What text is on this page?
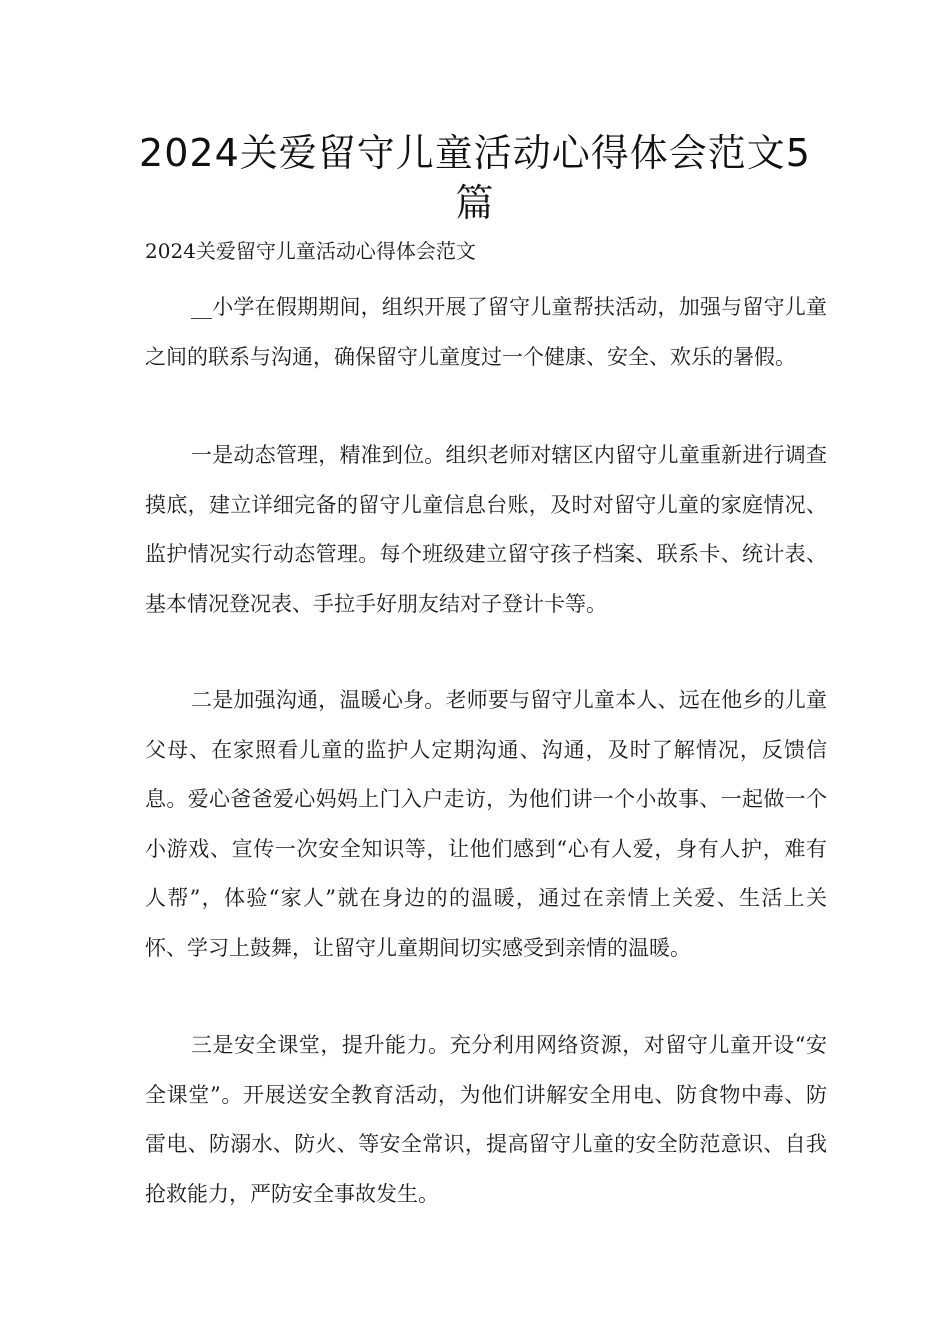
2024关爱留守儿童活动心得体会范文5篇
2024关爱留守儿童活动心得体会范文

__小学在假期期间，组织开展了留守儿童帮扶活动，加强与留守儿童之间的联系与沟通，确保留守儿童度过一个健康、安全、欢乐的暑假。

一是动态管理，精准到位。组织老师对辖区内留守儿童重新进行调查摸底，建立详细完备的留守儿童信息台账，及时对留守儿童的家庭情况、监护情况实行动态管理。每个班级建立留守孩子档案、联系卡、统计表、基本情况登况表、手拉手好朋友结对子登计卡等。

二是加强沟通，温暖心身。老师要与留守儿童本人、远在他乡的儿童父母、在家照看儿童的监护人定期沟通、沟通，及时了解情况，反馈信息。爱心爸爸爱心妈妈上门入户走访，为他们讲一个小故事、一起做一个小游戏、宣传一次安全知识等，让他们感到“心有人爱，身有人护，难有人帮”，体验“家人”就在身边的的温暖，通过在亲情上关爱、生活上关怀、学习上鼓舞，让留守儿童期间切实感受到亲情的温暖。

三是安全课堂，提升能力。充分利用网络资源，对留守儿童开设“安全课堂”。开展送安全教育活动，为他们讲解安全用电、防食物中毒、防雷电、防溺水、防火、等安全常识，提高留守儿童的安全防范意识、自我抢救能力，严防安全事故发生。
